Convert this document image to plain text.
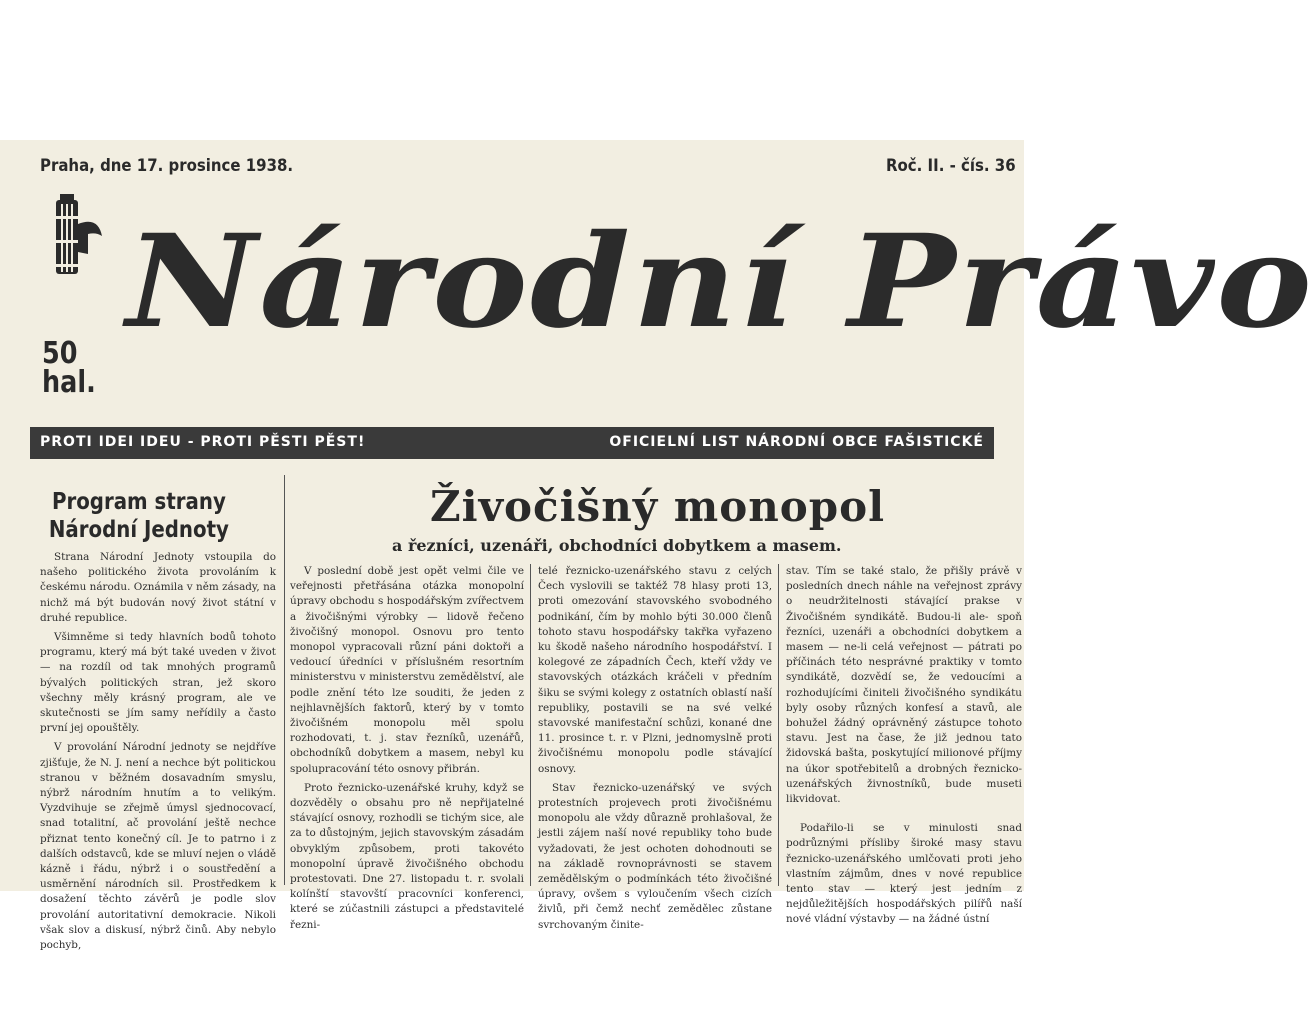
Praha, dne 17. prosince 1938.	Roč. II. - čís. 36
50
hal.
Národní Právo
PROTI IDEI IDEU - PROTI PĚSTI PĚST!	OFICIELNÍ LIST NÁRODNÍ OBCE FAŠISTICKÉ
Program strany
Národní Jednoty

Strana Národní Jednoty vstoupila do našeho politického života provoláním k českému národu. Oznámila v něm zásady, na nichž má být budován nový život státní v druhé republice.

Všimněme si tedy hlavních bodů tohoto programu, který má být také uveden v život — na rozdíl od tak mnohých programů bývalých politických stran, jež skoro všechny měly krásný program, ale ve skutečnosti se jím samy neřídily a často první jej opouštěly.

V provolání Národní jednoty se nejdříve zjišťuje, že N. J. není a nechce být politickou stranou v běžném dosavadním smyslu, nýbrž národním hnutím a to velikým. Vyzdvihuje se zřejmě úmysl sjednocovací, snad totalitní, ač provolání ještě nechce přiznat tento konečný cíl. Je to patrno i z dalších odstavců, kde se mluví nejen o vládě kázně i řádu, nýbrž i o soustředění a usměrnění národních sil. Prostředkem k dosažení těchto závěrů je podle slov provolání autoritativní demokracie. Nikoli však slov a diskusí, nýbrž činů. Aby nebylo pochyb,

Živočišný monopol
a řezníci, uzenáři, obchodníci dobytkem a masem.

V poslední době jest opět velmi čile ve veřejnosti přetřásána otázka monopolní úpravy obchodu s hospodářským zvířectvem a živočišnými výrobky — lidově řečeno živočišný monopol. Osnovu pro tento monopol vypracovali různí páni doktoři a vedoucí úředníci v příslušném resortním ministerstvu v ministerstvu zemědělství, ale podle znění této lze souditi, že jeden z nejhlavnějších faktorů, který by v tomto živočišném monopolu měl spolu rozhodovati, t. j. stav řezníků, uzenářů, obchodníků dobytkem a masem, nebyl ku spolupracování této osnovy přibrán.

Proto řeznicko-uzenářské kruhy, když se dozvěděly o obsahu pro ně nepřijatelné stávající osnovy, rozhodli se tichým sice, ale za to důstojným, jejich stavovským zásadám obvyklým způsobem, proti takovéto monopolní úpravě živočišného obchodu protestovati. Dne 27. listopadu t. r. svolali kolínští stavovští pracovníci konferenci, které se zúčastnili zástupci a představitelé řezni-

telé řeznicko-uzenářského stavu z celých Čech vyslovili se taktéž 78 hlasy proti 13, proti omezování stavovského svobodného podnikání, čím by mohlo býti 30.000 členů tohoto stavu hospodářsky takřka vyřazeno ku škodě našeho národního hospodářství. I kolegové ze západních Čech, kteří vždy ve stavovských otázkách kráčeli v předním šiku se svými kolegy z ostatních oblastí naší republiky, postavili se na své velké stavovské manifestační schůzi, konané dne 11. prosince t. r. v Plzni, jednomyslně proti živočišnému monopolu podle stávající osnovy.

Stav řeznicko-uzenářský ve svých protestních projevech proti živočišnému monopolu ale vždy důrazně prohlašoval, že jestli zájem naší nové republiky toho bude vyžadovati, že jest ochoten dohodnouti se na základě rovnoprávnosti se stavem zemědělským o podmínkách této živočišné úpravy, ovšem s vyloučením všech cizích živlů, při čemž nechť zemědělec zůstane svrchovaným činite-

stav. Tím se také stalo, že přišly právě v posledních dnech náhle na veřejnost zprávy o neudržitelnosti stávající prakse v Živočišném syndikátě. Budou-li ale- spoň řezníci, uzenáři a obchodníci dobytkem a masem — ne-li celá veřejnost — pátrati po příčinách této nesprávné praktiky v tomto syndikátě, dozvědí se, že vedoucími a rozhodujícími činiteli živočišného syndikátu byly osoby různých konfesí a stavů, ale bohužel žádný oprávněný zástupce tohoto stavu. Jest na čase, že již jednou tato židovská bašta, poskytující milionové příjmy na úkor spotřebitelů a drobných řeznicko-uzenářských živnostníků, bude museti likvidovat.

Podařilo-li se v minulosti snad podrůznými přísliby široké masy stavu řeznicko-uzenářského umlčovati proti jeho vlastním zájmům, dnes v nové republice tento stav — který jest jedním z nejdůležitějších hospodářských pilířů naší nové vládní výstavby — na žádné ústní
